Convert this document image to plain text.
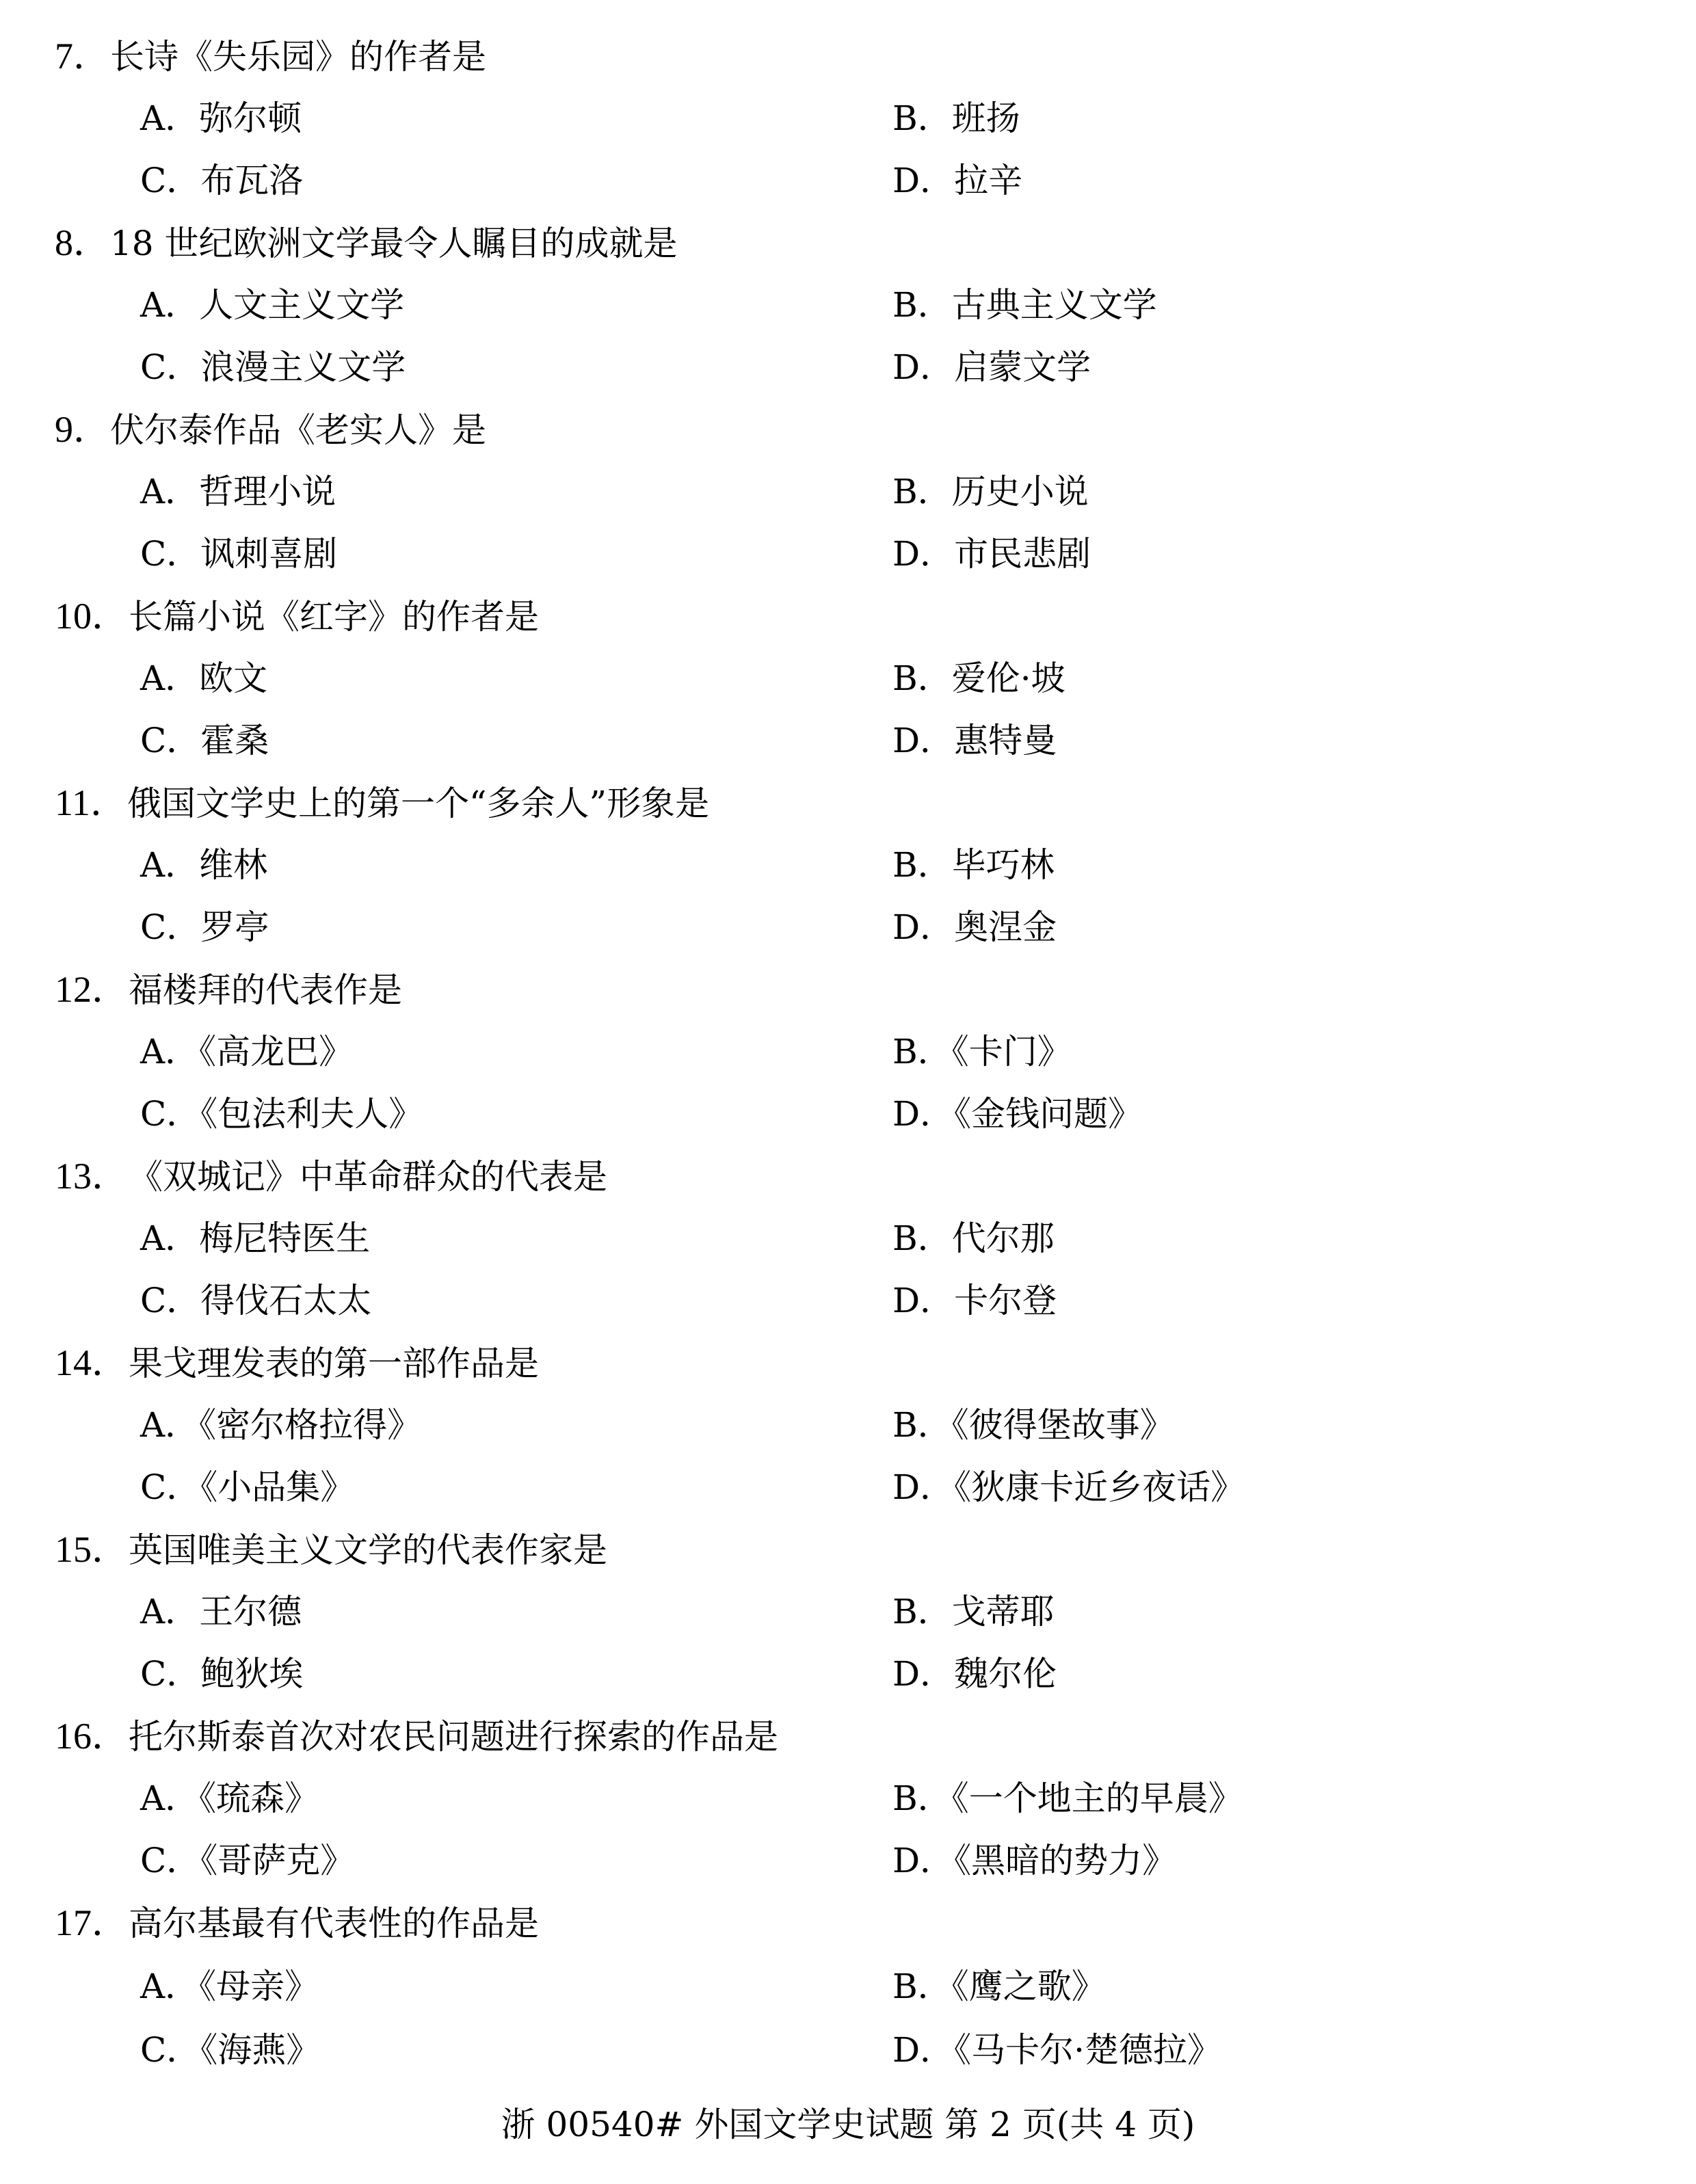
7．长诗《失乐园》的作者是
A．弥尔顿	B．班扬
C．布瓦洛	D．拉辛
8．18 世纪欧洲文学最令人瞩目的成就是
A．人文主义文学	B．古典主义文学
C．浪漫主义文学	D．启蒙文学
9．伏尔泰作品《老实人》是
A．哲理小说	B．历史小说
C．讽刺喜剧	D．市民悲剧
10．长篇小说《红字》的作者是
A．欧文	B．爱伦·坡
C．霍桑	D．惠特曼
11．俄国文学史上的第一个“多余人”形象是
A．维林	B．毕巧林
C．罗亭	D．奥涅金
12．福楼拜的代表作是
A．《高龙巴》	B．《卡门》
C．《包法利夫人》	D．《金钱问题》
13．《双城记》中革命群众的代表是
A．梅尼特医生	B．代尔那
C．得伐石太太	D．卡尔登
14．果戈理发表的第一部作品是
A．《密尔格拉得》	B．《彼得堡故事》
C．《小品集》	D．《狄康卡近乡夜话》
15．英国唯美主义文学的代表作家是
A．王尔德	B．戈蒂耶
C．鲍狄埃	D．魏尔伦
16．托尔斯泰首次对农民问题进行探索的作品是
A．《琉森》	B．《一个地主的早晨》
C．《哥萨克》	D．《黑暗的势力》
17．高尔基最有代表性的作品是
A．《母亲》	B．《鹰之歌》
C．《海燕》	D．《马卡尔·楚德拉》
浙 00540# 外国文学史试题 第 2 页(共 4 页)
